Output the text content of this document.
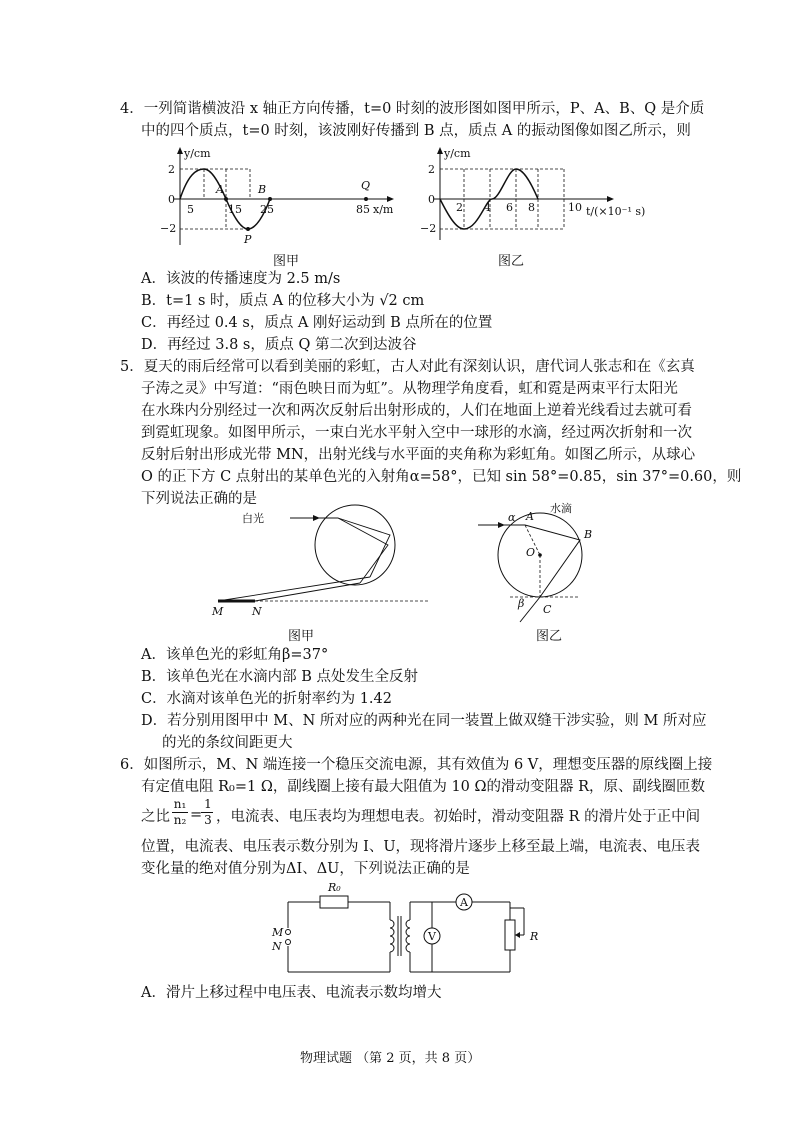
4．一列简谐横波沿 x 轴正方向传播，t=0 时刻的波形图如图甲所示，P、A、B、Q 是介质
中的四个质点，t=0 时刻，该波刚好传播到 B 点，质点 A 的振动图像如图乙所示，则
y/cm
2
0
−2
5	15 25	85 x/m
A	B
P
Q
图甲
y/cm
2
0
−2
2 4 6 8	10 t/(×10⁻¹ s)
图乙
A．该波的传播速度为 2.5 m/s
B．t=1 s 时，质点 A 的位移大小为 √2 cm
C．再经过 0.4 s，质点 A 刚好运动到 B 点所在的位置
D．再经过 3.8 s，质点 Q 第二次到达波谷
5．夏天的雨后经常可以看到美丽的彩虹，古人对此有深刻认识，唐代词人张志和在《玄真
子涛之灵》中写道：“雨色映日而为虹”。从物理学角度看，虹和霓是两束平行太阳光
在水珠内分别经过一次和两次反射后出射形成的，人们在地面上逆着光线看过去就可看
到霓虹现象。如图甲所示，一束白光水平射入空中一球形的水滴，经过两次折射和一次
反射后射出形成光带 MN，出射光线与水平面的夹角称为彩虹角。如图乙所示，从球心
O 的正下方 C 点射出的某单色光的入射角α=58°，已知 sin 58°=0.85，sin 37°=0.60，则
下列说法正确的是
白光
M	N
图甲
水滴
α A
B
O
C
β
图乙
A．该单色光的彩虹角β=37°
B．该单色光在水滴内部 B 点处发生全反射
C．水滴对该单色光的折射率约为 1.42
D．若分别用图甲中 M、N 所对应的两种光在同一装置上做双缝干涉实验，则 M 所对应
的光的条纹间距更大
6．如图所示，M、N 端连接一个稳压交流电源，其有效值为 6 V，理想变压器的原线圈上接
有定值电阻 R₀=1 Ω，副线圈上接有最大阻值为 10 Ω的滑动变阻器 R，原、副线圈匝数
之比
n₁
n₂ =
1
3 ，电流表、电压表均为理想电表。初始时，滑动变阻器 R 的滑片处于正中间
位置，电流表、电压表示数分别为 I、U，现将滑片逐步上移至最上端，电流表、电压表
变化量的绝对值分别为ΔI、ΔU，下列说法正确的是
R₀
M
N
A
V	R
A．滑片上移过程中电压表、电流表示数均增大
物理试题 （第 2 页，共 8 页）
